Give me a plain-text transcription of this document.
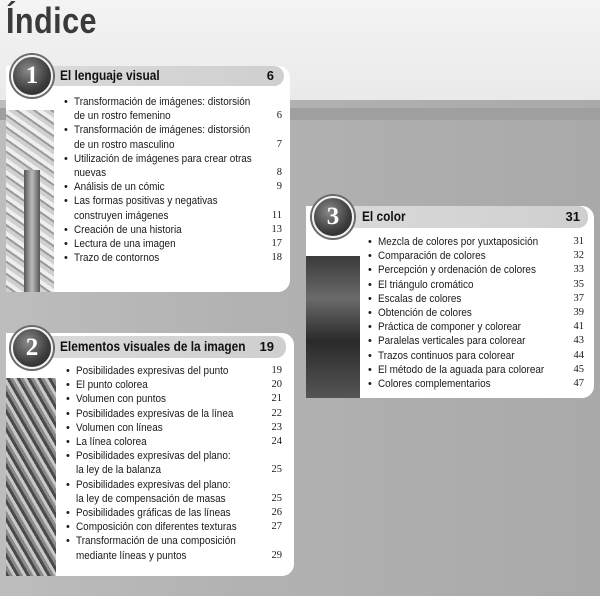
Índice
El lenguaje visual	6
1
• Transformación de imágenes: distorsión
de un rostro femenino	6
• Transformación de imágenes: distorsión
de un rostro masculino	7
• Utilización de imágenes para crear otras
nuevas	8
• Análisis de un cómic	9
• Las formas positivas y negativas
construyen imágenes	11
• Creación de una historia	13
• Lectura de una imagen	17
• Trazo de contornos	18
Elementos visuales de la imagen 19
2
• Posibilidades expresivas del punto	19
• El punto colorea	20
• Volumen con puntos	21
• Posibilidades expresivas de la línea	22
• Volumen con líneas	23
• La línea colorea	24
• Posibilidades expresivas del plano:
la ley de la balanza	25
• Posibilidades expresivas del plano:
la ley de compensación de masas	25
• Posibilidades gráficas de las líneas	26
• Composición con diferentes texturas	27
• Transformación de una composición
mediante líneas y puntos	29
El color	31
3
• Mezcla de colores por yuxtaposición	31
• Comparación de colores	32
• Percepción y ordenación de colores	33
• El triángulo cromático	35
• Escalas de colores	37
• Obtención de colores	39
• Práctica de componer y colorear	41
• Paralelas verticales para colorear	43
• Trazos continuos para colorear	44
• El método de la aguada para colorear	45
• Colores complementarios	47
